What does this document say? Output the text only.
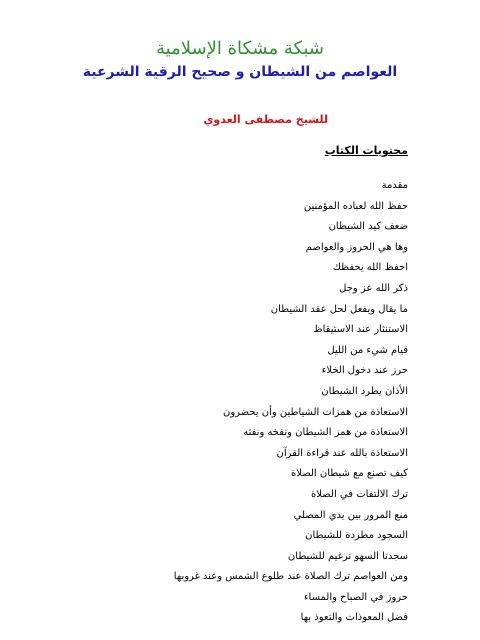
شبكة مشكاة الإسلامية
العواصم من الشيطان و صحيح الرقية الشرعية
للشيخ مصطفى العدوي
محتويات الكتاب
مقدمة
حفظ الله لعباده المؤمنين
ضعف كيد الشيطان
وها هي الحروز والعواصم
احفظ الله يحفظك
ذكر الله عز وجل
ما يقال ويفعل لحل عقد الشيطان
الاستنثار عند الاستيقاظ
قيام شيء من الليل
حرز عند دخول الخلاء
الأذان يطرد الشيطان
الاستعاذة من همزات الشياطين وأن يحضرون
الاستعاذة من همز الشيطان ونفخه ونفثه
الاستعاذة بالله عند قراءة القرآن
كيف تصنع مع شيطان الصلاة
ترك الالتفات في الصلاة
منع المرور بين يدي المصلي
السجود مطردة للشيطان
سجدتا السهو ترغيم للشيطان
ومن العواصم ترك الصلاة عند طلوع الشمس وعند غروبها
حروز في الصباح والمساء
فضل المعوذات والتعوذ بها
